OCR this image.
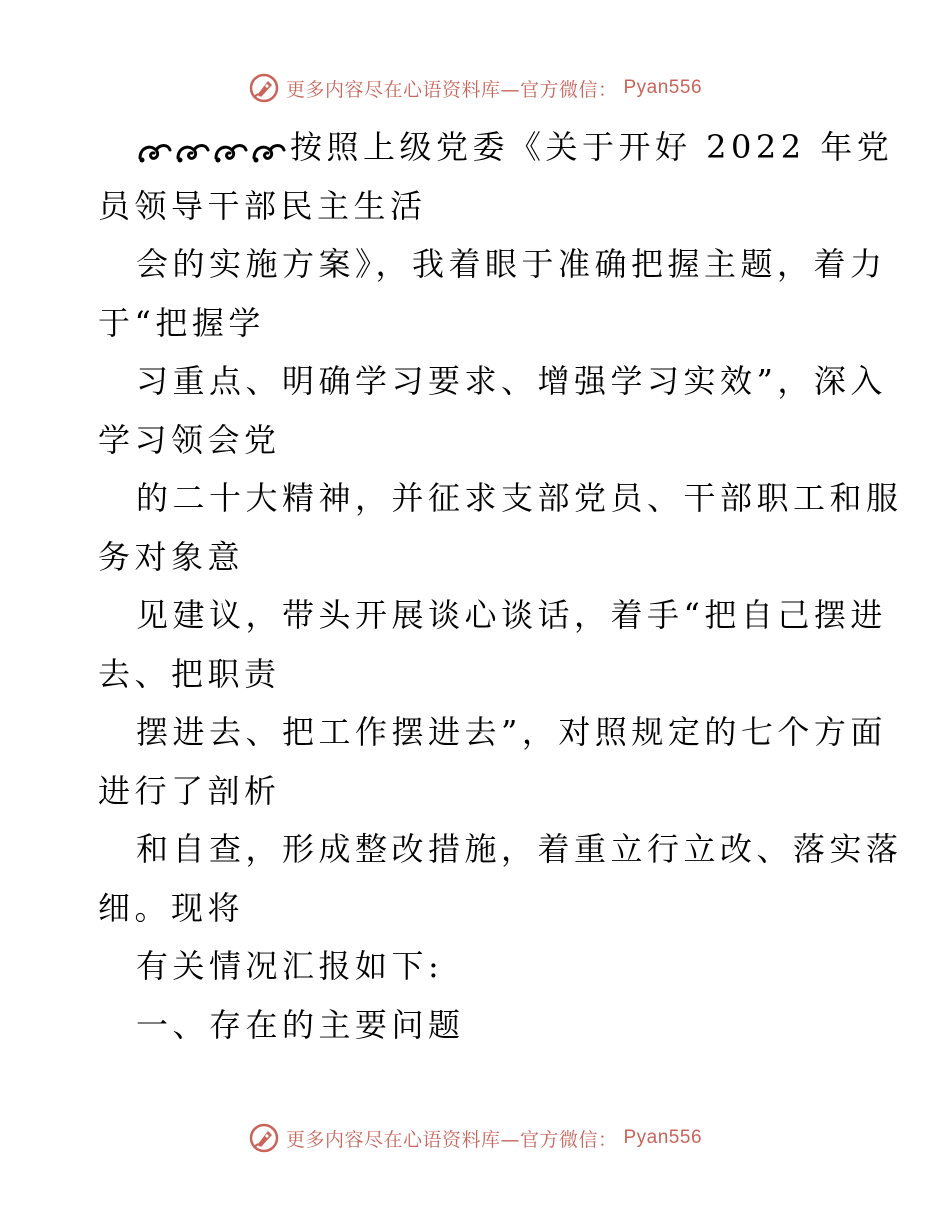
更多内容尽在心语资料库—官方微信： Pyan556
按照上级党委《关于开好 2022 年党
员领导干部民主生活
会的实施方案》，我着眼于准确把握主题，着力
于“把握学
习重点、明确学习要求、增强学习实效”，深入
学习领会党
的二十大精神，并征求支部党员、干部职工和服
务对象意
见建议，带头开展谈心谈话，着手“把自己摆进
去、把职责
摆进去、把工作摆进去”，对照规定的七个方面
进行了剖析
和自查，形成整改措施，着重立行立改、落实落
细。现将
有关情况汇报如下:
一、存在的主要问题
更多内容尽在心语资料库—官方微信： Pyan556
